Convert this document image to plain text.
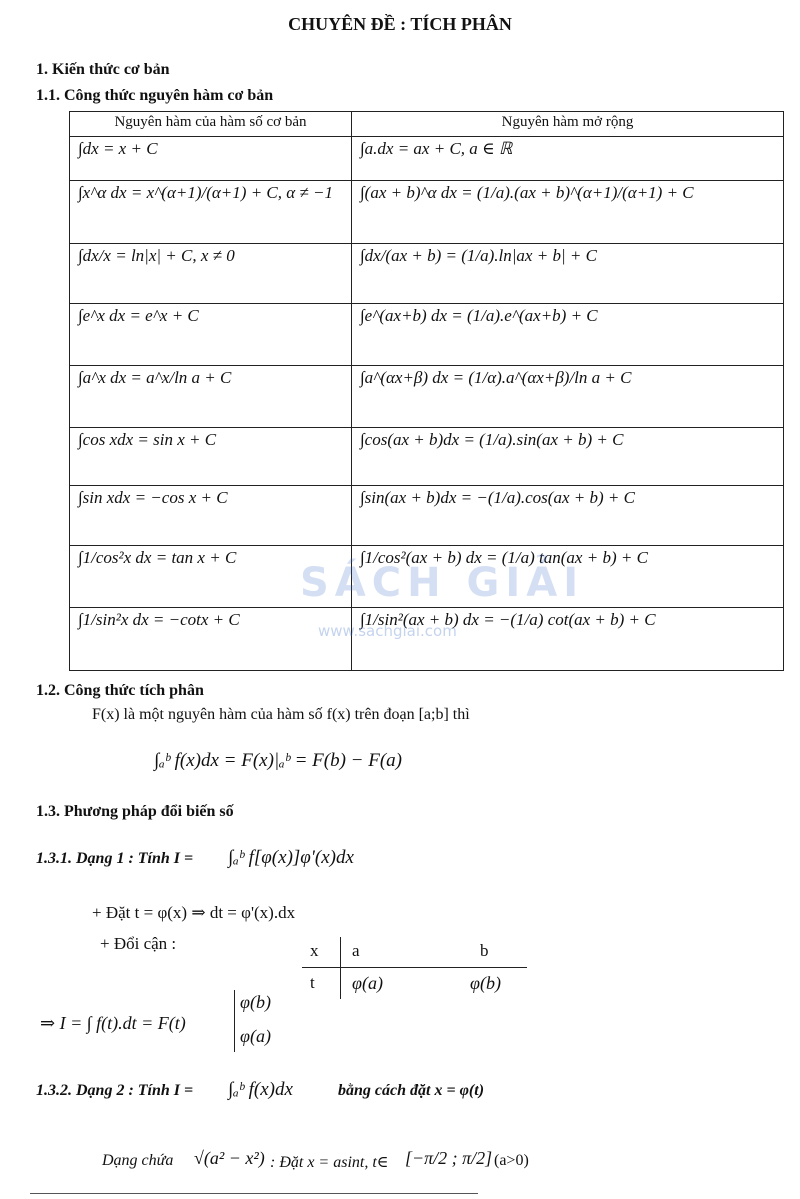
CHUYÊN ĐỀ : TÍCH PHÂN
1. Kiến thức cơ bản
1.1. Công thức nguyên hàm cơ bản
Nguyên hàm của hàm số cơ bản	Nguyên hàm mở rộng
∫dx = x + C	∫a.dx = ax + C, a ∈ ℝ
∫x^α dx = x^(α+1)/(α+1) + C, α ≠ −1	∫(ax + b)^α dx = (1/a).(ax + b)^(α+1)/(α+1) + C
∫dx/x = ln|x| + C, x ≠ 0	∫dx/(ax + b) = (1/a).ln|ax + b| + C
∫e^x dx = e^x + C	∫e^(ax+b) dx = (1/a).e^(ax+b) + C
∫a^x dx = a^x/ln a + C	∫a^(αx+β) dx = (1/α).a^(αx+β)/ln a + C
∫cos xdx = sin x + C	∫cos(ax + b)dx = (1/a).sin(ax + b) + C
∫sin xdx = −cos x + C	∫sin(ax + b)dx = −(1/a).cos(ax + b) + C
∫1/cos²x dx = tan x + C	∫1/cos²(ax + b) dx = (1/a) tan(ax + b) + C
∫1/sin²x dx = −cotx + C	∫1/sin²(ax + b) dx = −(1/a) cot(ax + b) + C
SÁCH GIẢI
www.sachgiai.com
1.2. Công thức tích phân
F(x) là một nguyên hàm của hàm số f(x) trên đoạn [a;b] thì
∫ₐᵇ f(x)dx = F(x)|ₐᵇ = F(b) − F(a)
1.3. Phương pháp đổi biến số
1.3.1. Dạng 1 : Tính I = ∫ₐᵇ f[φ(x)]φ'(x)dx
+ Đặt t = φ(x) ⇒ dt = φ'(x).dx
+ Đổi cận :	x a	b
t φ(a)	φ(b)
⇒ I = ∫ f(t).dt = F(t)
φ(b)
φ(a)
1.3.2. Dạng 2 : Tính I = ∫ₐᵇ f(x)dx	bằng cách đặt x = φ(t)
Dạng chứa √(a² − x²) : Đặt x = asint, t∈ [−π/2 ; π/2] (a>0)
